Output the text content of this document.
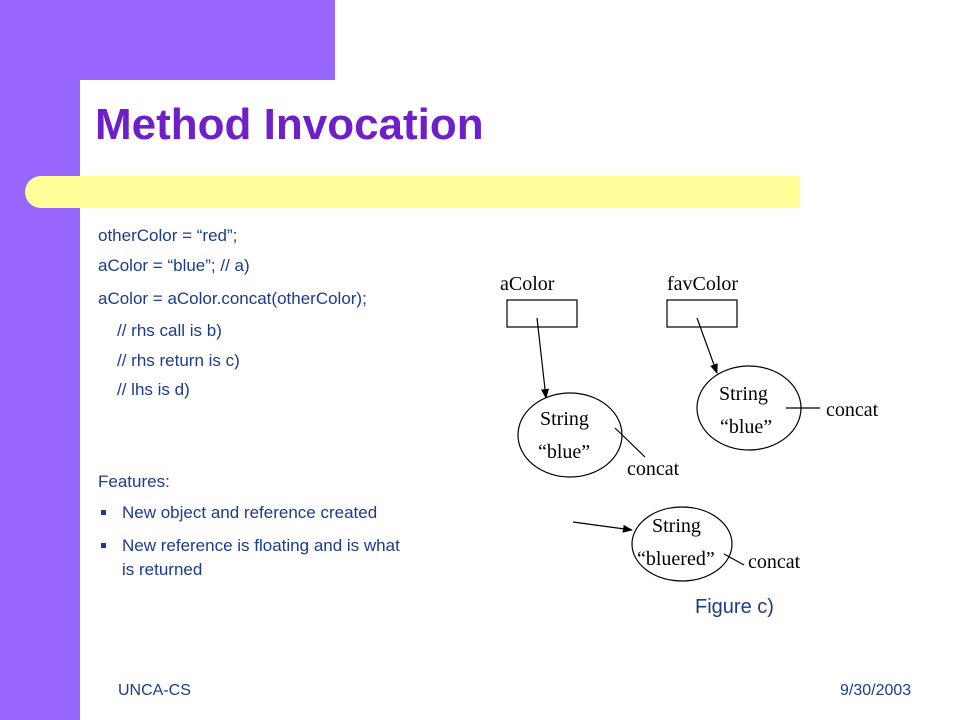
Method Invocation
otherColor = “red”;
aColor = “blue”; // a)
aColor = aColor.concat(otherColor);
// rhs call is b)
// rhs return is c)
// lhs is d)
Features:
New object and reference created
New reference is floating and is what
is returned
aColor	favColor
String
“blue”
concat
String
“blue”
concat
String
“bluered” concat
Figure c)
UNCA-CS	9/30/2003
